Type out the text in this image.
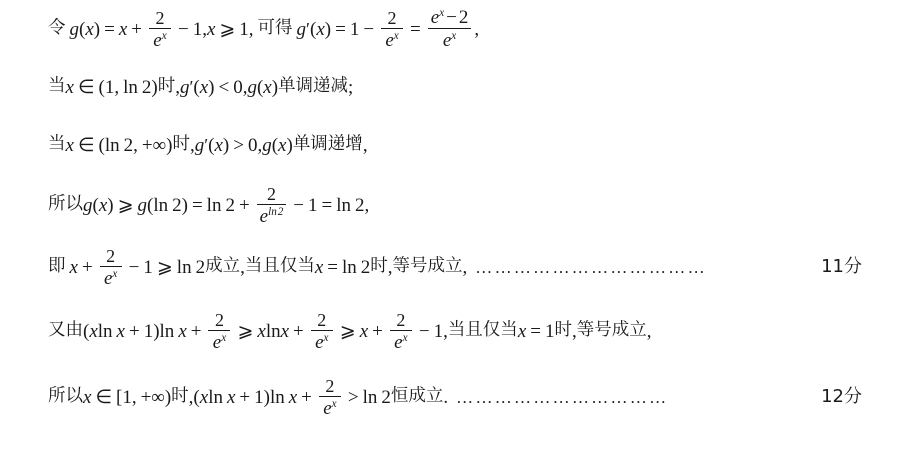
令 g ( x ) = $x + \frac{2}{e^x} - 1$ , x ⩾ 1 , 可得 g ′ ( x ) = $1 - \frac{2}{e^x} = \frac{e^x - 2}{e^x}$ ,
当 x ∈ ( 1 , ln 2 ) 时 , g ′ ( x ) < 0 , g ( x ) 单调递减 ;
当 x ∈ ( ln 2 , +∞ ) 时 , g ′ ( x ) > 0 , g ( x ) 单调递增 ,
所以 g ( x ) ⩾ g ( ln 2 ) = $\ln 2 + \frac{2}{e^{ln 2}} - 1 = \ln 2$ ,
即 $x + \frac{2}{e^x} - 1$ ⩾ ln 2 成立 , 当且仅当 x = ln 2 时 , 等号成立 , ………………………………	11分
又由 ( x ln x + 1 ) $\ln x + \frac{2}{e^x}$ ⩾ x $\ln x + \frac{2}{e^x}$ ⩾ $x + \frac{2}{e^x} - 1$ , 当且仅当 x = 1 时 , 等号成立 ,
所以 x ∈ [ 1 , +∞ ) 时 , ( x ln x + 1 ) $\ln x + \frac{2}{e^x} > \ln 2$ 恒成立 . ……………………………	12分
